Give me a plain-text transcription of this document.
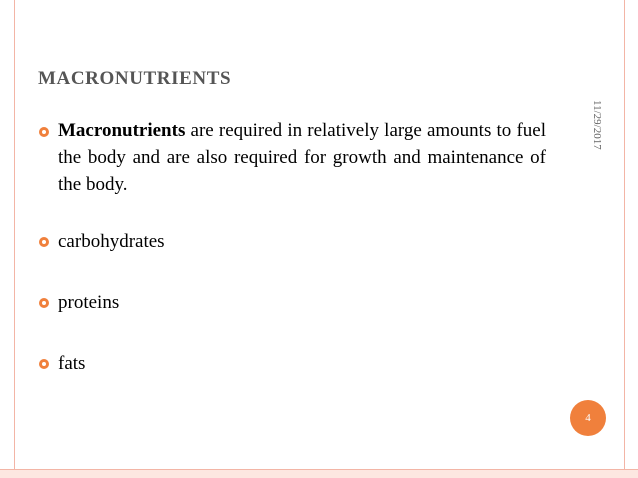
MACRONUTRIENTS
11/29/2017
Macronutrients are required in relatively large amounts to fuel the body and are also required for growth and maintenance of the body.
carbohydrates
proteins
fats
4
